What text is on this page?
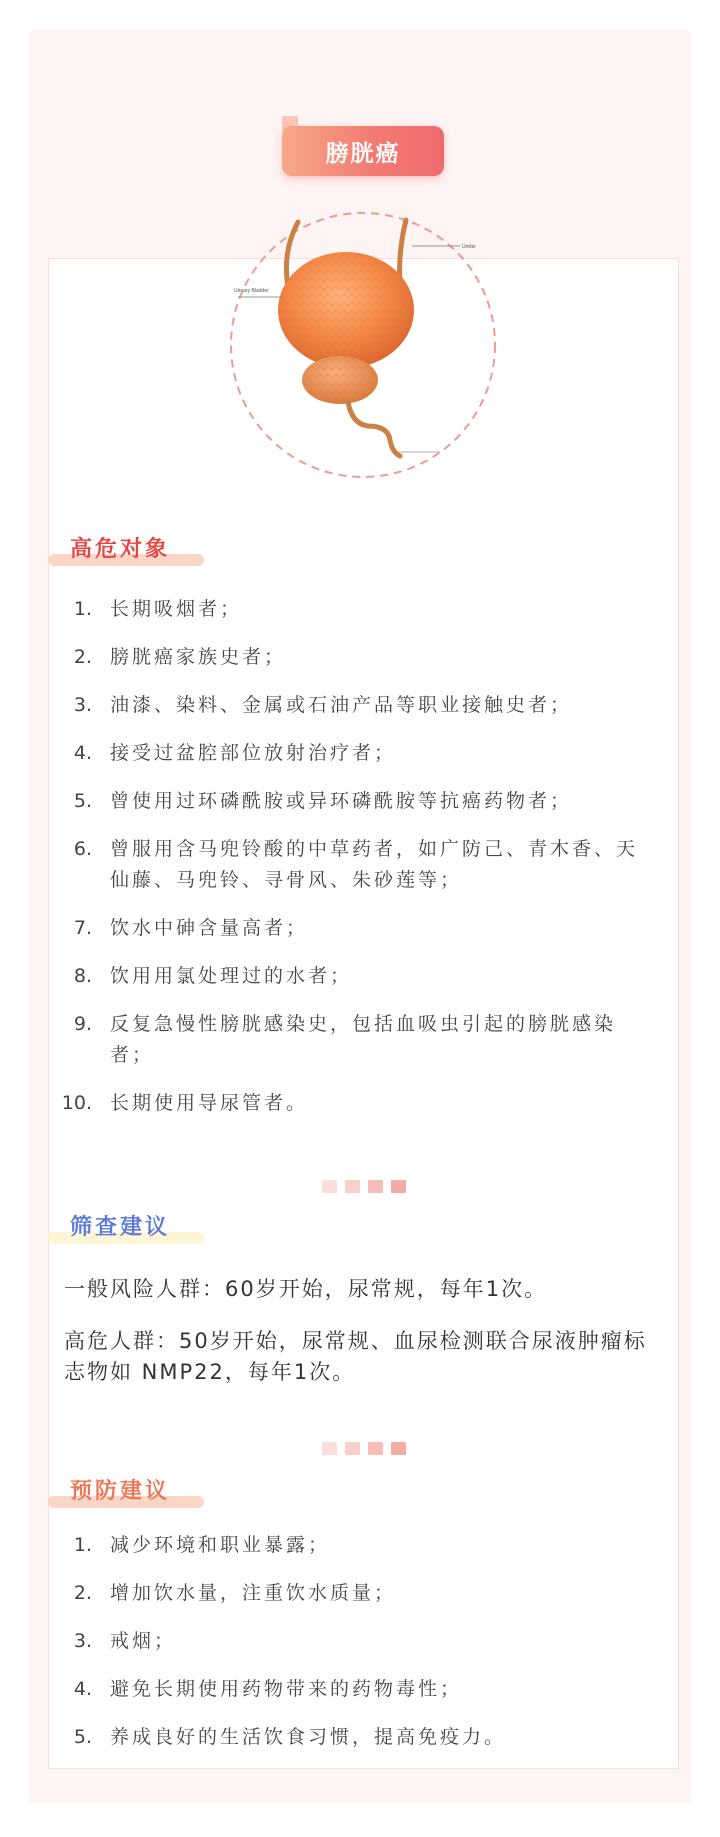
膀胱癌
Ureter
Urinary Bladder
高危对象
1. 长期吸烟者；
2. 膀胱癌家族史者；
3. 油漆、染料、金属或石油产品等职业接触史者；
4. 接受过盆腔部位放射治疗者；
5. 曾使用过环磷酰胺或异环磷酰胺等抗癌药物者；
6. 曾服用含马兜铃酸的中草药者，如广防己、青木香、天仙藤、马兜铃、寻骨风、朱砂莲等；
7. 饮水中砷含量高者；
8. 饮用用氯处理过的水者；
9. 反复急慢性膀胱感染史，包括血吸虫引起的膀胱感染者；
10. 长期使用导尿管者。
筛查建议

一般风险人群：60岁开始，尿常规，每年1次。

高危人群：50岁开始，尿常规、血尿检测联合尿液肿瘤标志物如 NMP22，每年1次。

预防建议
1. 减少环境和职业暴露；
2. 增加饮水量，注重饮水质量；
3. 戒烟；
4. 避免长期使用药物带来的药物毒性；
5. 养成良好的生活饮食习惯，提高免疫力。
